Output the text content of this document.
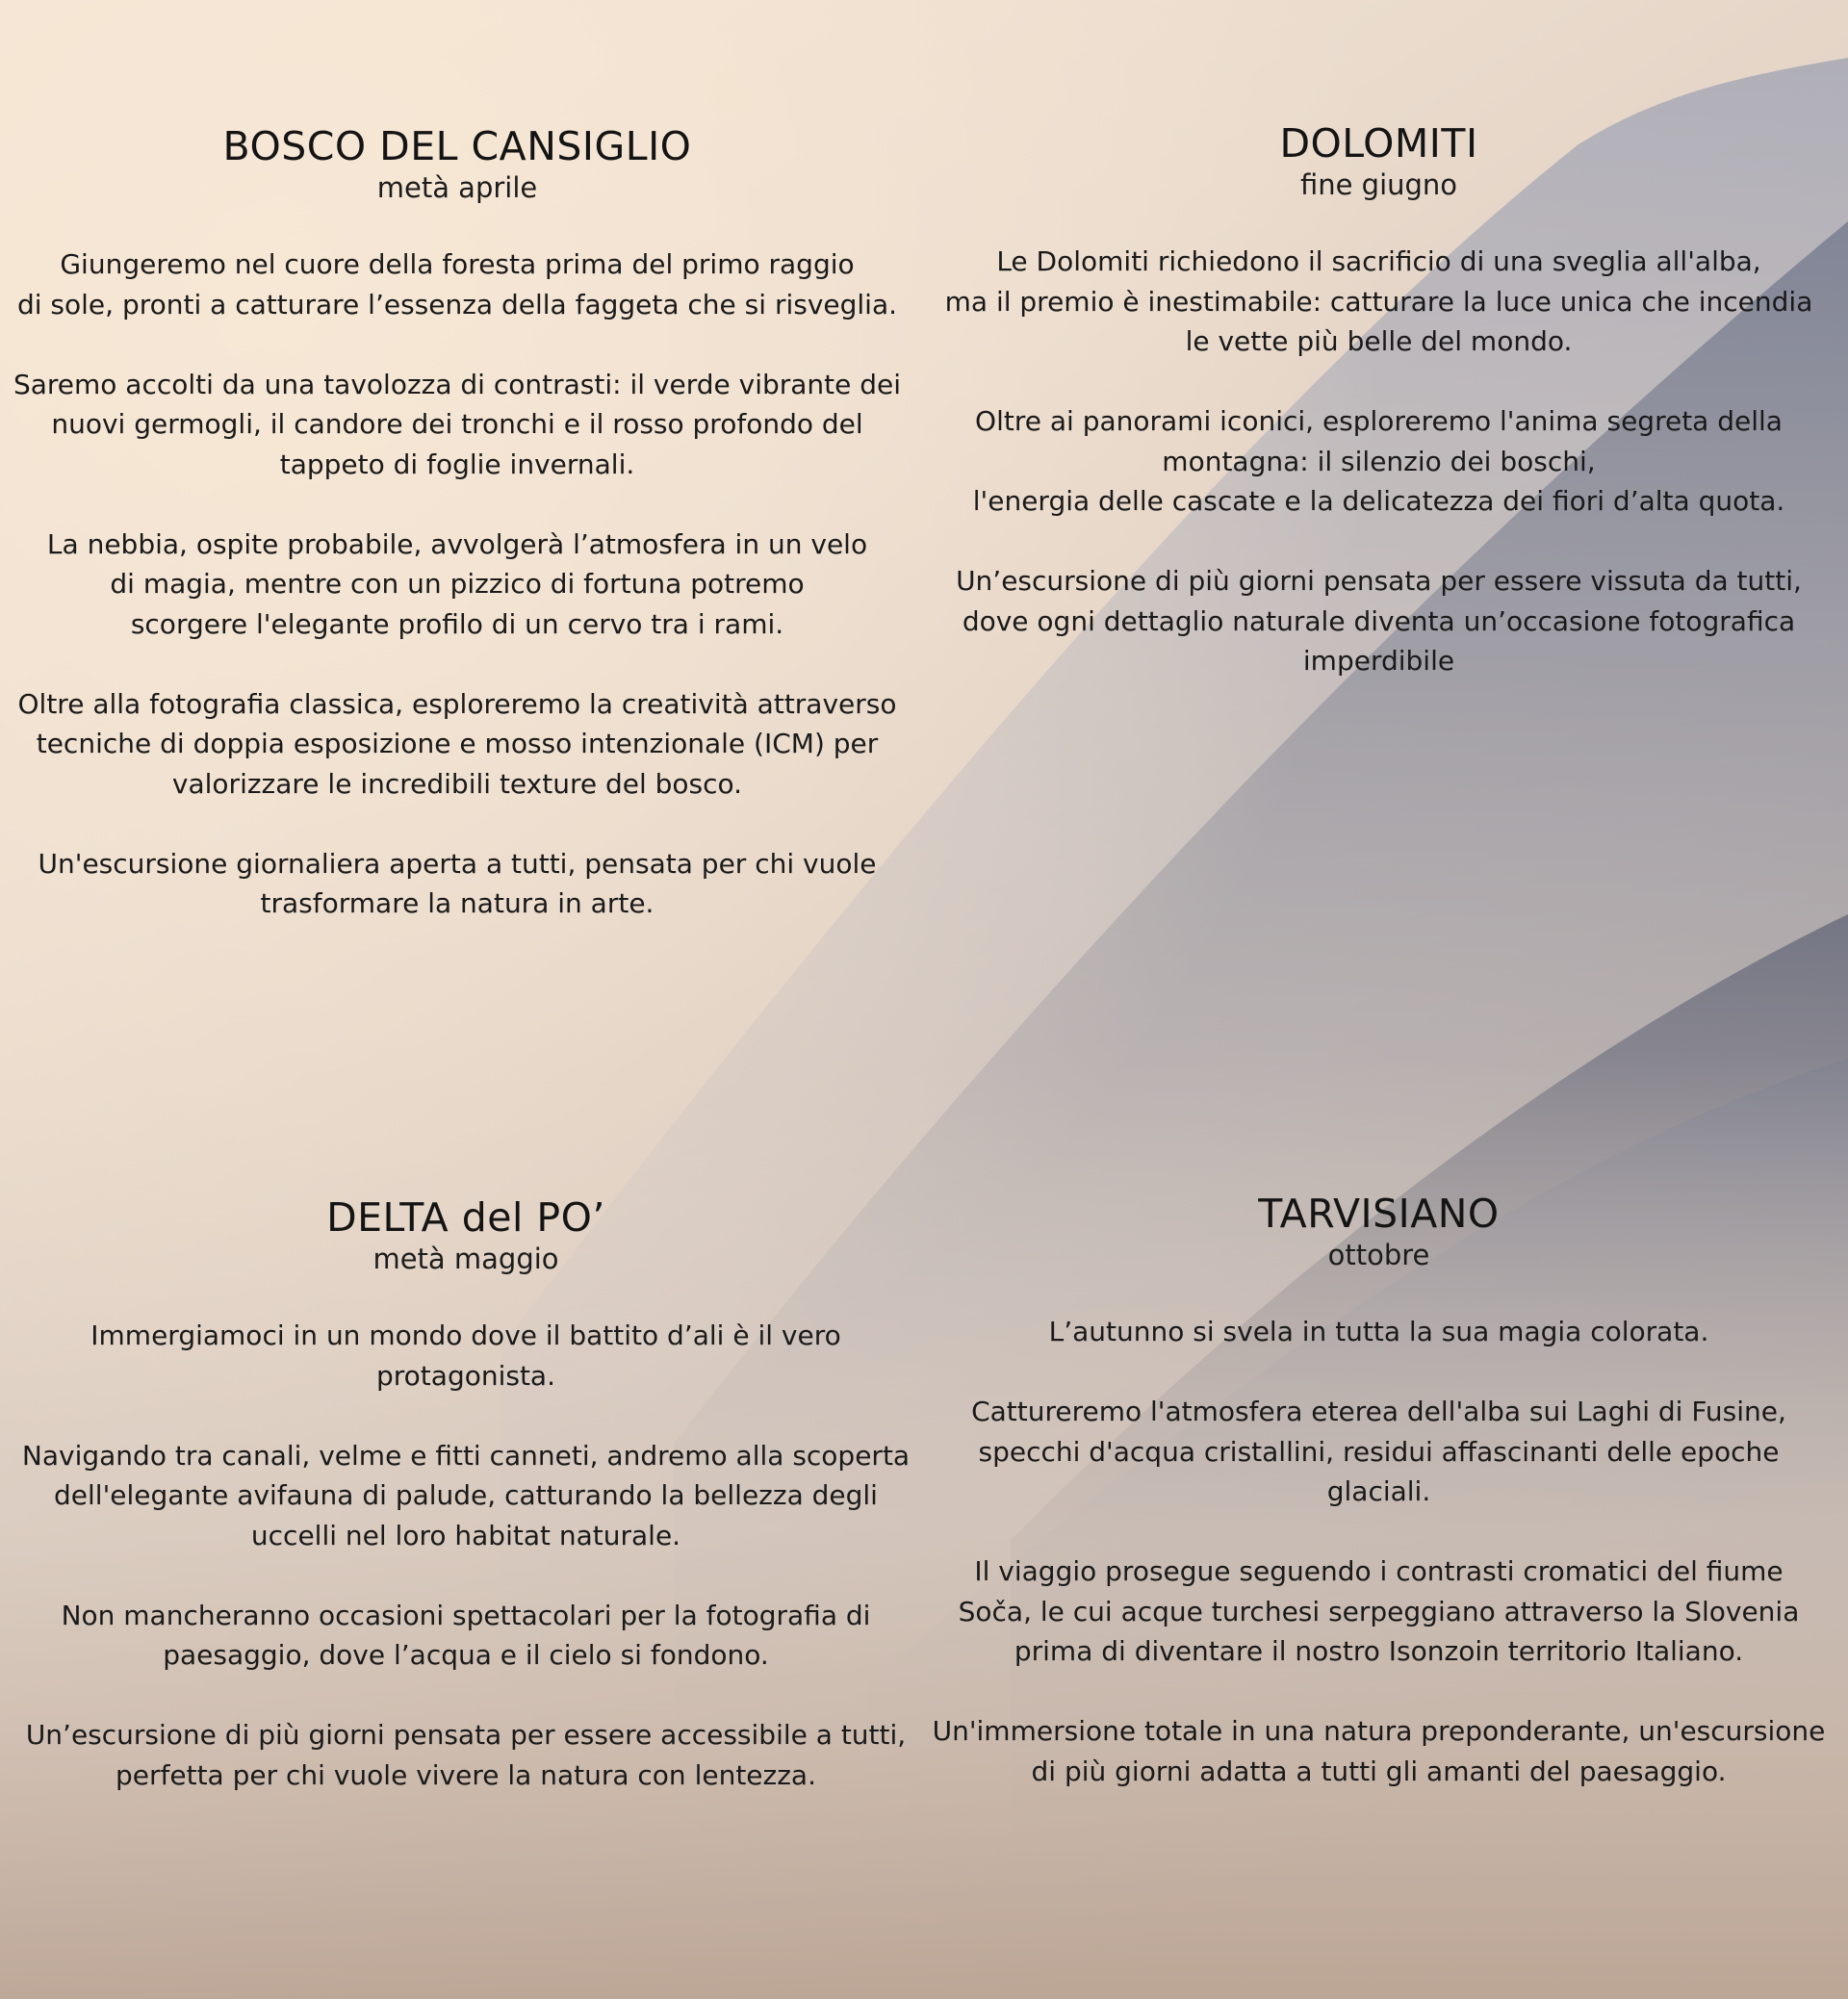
BOSCO DEL CANSIGLIO

metà aprile

Giungeremo nel cuore della foresta prima del primo raggio
di sole, pronti a catturare l’essenza della faggeta che si risveglia.

Saremo accolti da una tavolozza di contrasti: il verde vibrante dei
nuovi germogli, il candore dei tronchi e il rosso profondo del
tappeto di foglie invernali.

La nebbia, ospite probabile, avvolgerà l’atmosfera in un velo
di magia, mentre con un pizzico di fortuna potremo
scorgere l'elegante profilo di un cervo tra i rami.

Oltre alla fotografia classica, esploreremo la creatività attraverso
tecniche di doppia esposizione e mosso intenzionale (ICM) per
valorizzare le incredibili texture del bosco.

Un'escursione giornaliera aperta a tutti, pensata per chi vuole
trasformare la natura in arte.

DOLOMITI

fine giugno

Le Dolomiti richiedono il sacrificio di una sveglia all'alba,
ma il premio è inestimabile: catturare la luce unica che incendia
le vette più belle del mondo.

Oltre ai panorami iconici, esploreremo l'anima segreta della
montagna: il silenzio dei boschi,
l'energia delle cascate e la delicatezza dei fiori d’alta quota.

Un’escursione di più giorni pensata per essere vissuta da tutti,
dove ogni dettaglio naturale diventa un’occasione fotografica
imperdibile

DELTA del PO’

metà maggio

Immergiamoci in un mondo dove il battito d’ali è il vero
protagonista.

Navigando tra canali, velme e fitti canneti, andremo alla scoperta
dell'elegante avifauna di palude, catturando la bellezza degli
uccelli nel loro habitat naturale.

Non mancheranno occasioni spettacolari per la fotografia di
paesaggio, dove l’acqua e il cielo si fondono.

Un’escursione di più giorni pensata per essere accessibile a tutti,
perfetta per chi vuole vivere la natura con lentezza.

TARVISIANO

ottobre

L’autunno si svela in tutta la sua magia colorata.

Cattureremo l'atmosfera eterea dell'alba sui Laghi di Fusine,
specchi d'acqua cristallini, residui affascinanti delle epoche
glaciali.

Il viaggio prosegue seguendo i contrasti cromatici del fiume
Soča, le cui acque turchesi serpeggiano attraverso la Slovenia
prima di diventare il nostro Isonzoin territorio Italiano.

Un'immersione totale in una natura preponderante, un'escursione
di più giorni adatta a tutti gli amanti del paesaggio.
